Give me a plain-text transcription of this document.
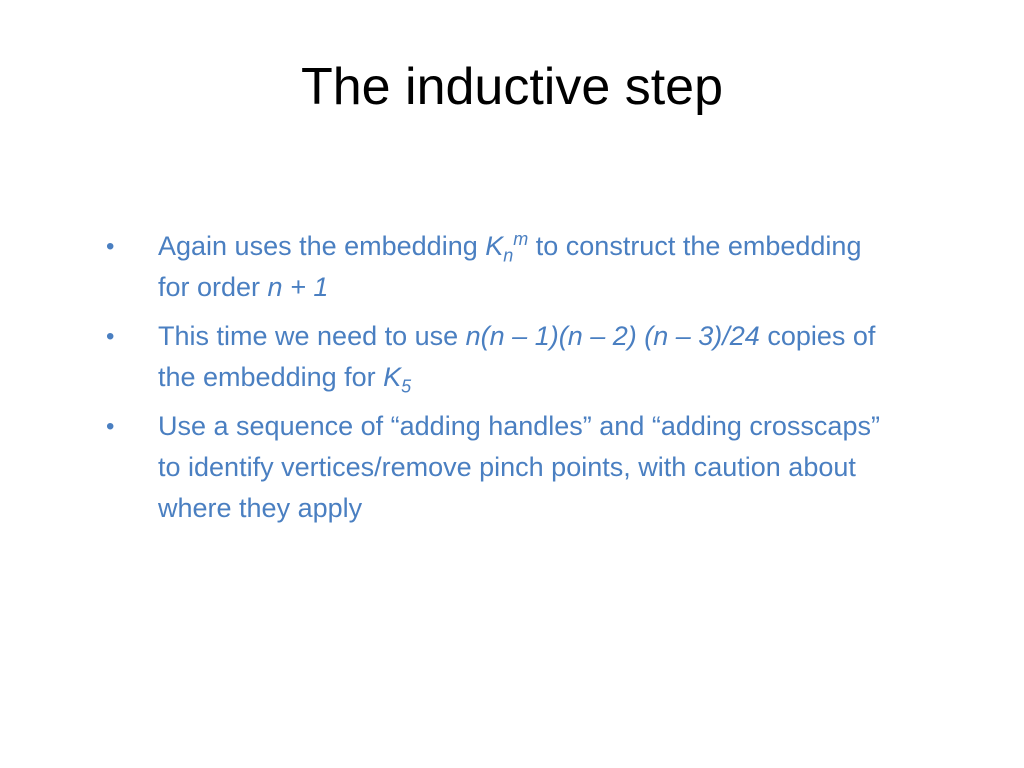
The inductive step
• Again uses the embedding $K_n^m$ to construct the embedding for order n + 1
• This time we need to use n(n – 1)(n – 2) (n – 3)/24 copies of the embedding for $K_5$
• Use a sequence of “adding handles” and “adding crosscaps” to identify vertices/remove pinch points, with caution about where they apply
